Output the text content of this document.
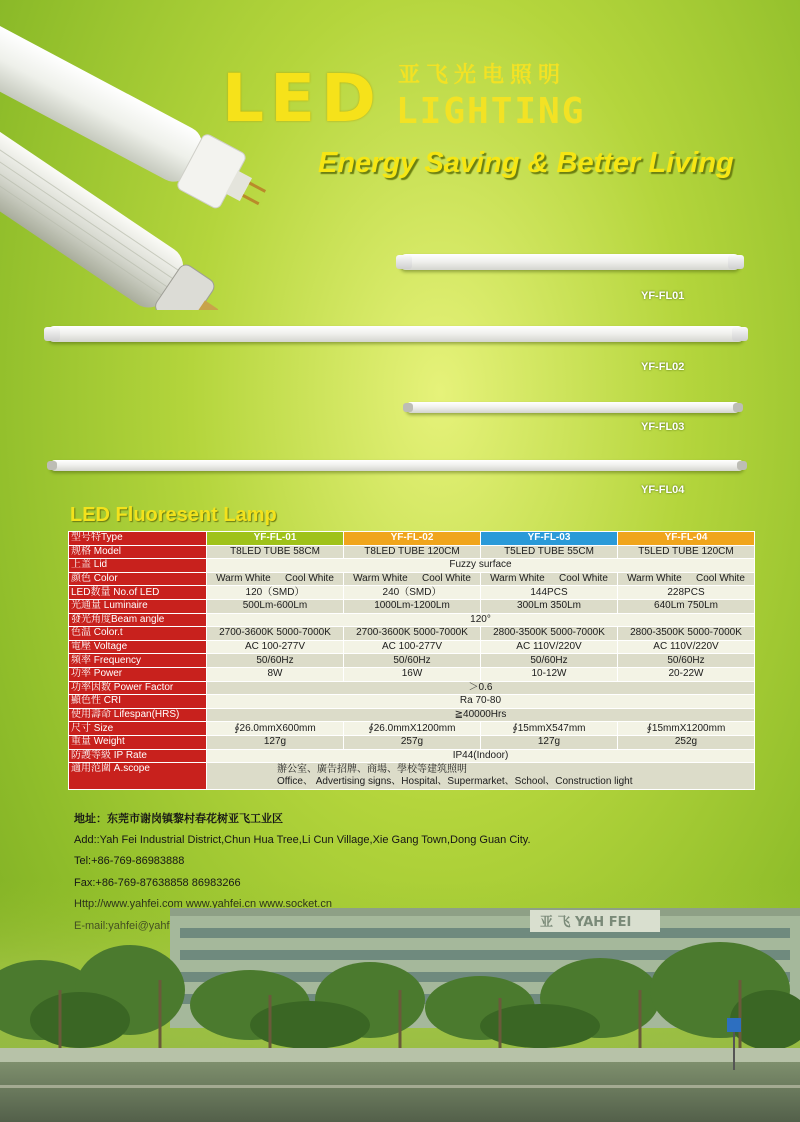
LED 亚飞光电照明
LIGHTING
Energy Saving & Better Living
YF-FL01
YF-FL02
YF-FL03
YF-FL04
LED Fluoresent Lamp
型号特Type	YF-FL-01	YF-FL-02	YF-FL-03	YF-FL-04
规格 Model	T8LED TUBE 58CM	T8LED TUBE 120CM	T5LED TUBE 55CM	T5LED TUBE 120CM
上盖 Lid	Fuzzy surface			
颜色 Color	Warm White Cool White	Warm White Cool White	Warm White Cool White	Warm White Cool White

LED数量 No.of LED	120（SMD）	240（SMD）	144PCS	228PCS
光通量 Luminaire	500Lm-600Lm	1000Lm-1200Lm	300Lm 350Lm	640Lm 750Lm
發光角度Beam angle	120°			
色温 Color.t	2700-3600K 5000-7000K	2700-3600K 5000-7000K	2800-3500K 5000-7000K	2800-3500K 5000-7000K
電壓 Voltage	AC 100-277V	AC 100-277V	AC 110V/220V	AC 110V/220V
频率 Frequency	50/60Hz	50/60Hz	50/60Hz	50/60Hz
功率 Power	8W	16W	10-12W	20-22W
功率因数 Power Factor	＞0.6			
顯色性 CRI	Ra 70-80			
使用壽命 Lifespan(HRS)	≧40000Hrs			
尺寸 Size	∮26.0mmX600mm	∮26.0mmX1200mm	∮15mmX547mm	∮15mmX1200mm
重量 Weight	127g	257g	127g	252g
防護等級 IP Rate	IP44(Indoor)			
適用范圍 A.scope	辦公室、廣告招牌、商場、學校等建筑照明
Office、 Advertising signs、Hospital、Supermarket、School、Construction light			
地址：东莞市谢岗镇黎村春花树亚飞工业区
Add::Yah Fei Industrial District,Chun Hua Tree,Li Cun Village,Xie Gang Town,Dong Guan City.
Tel:+86-769-86983888
亚 飞 YAH FEI
